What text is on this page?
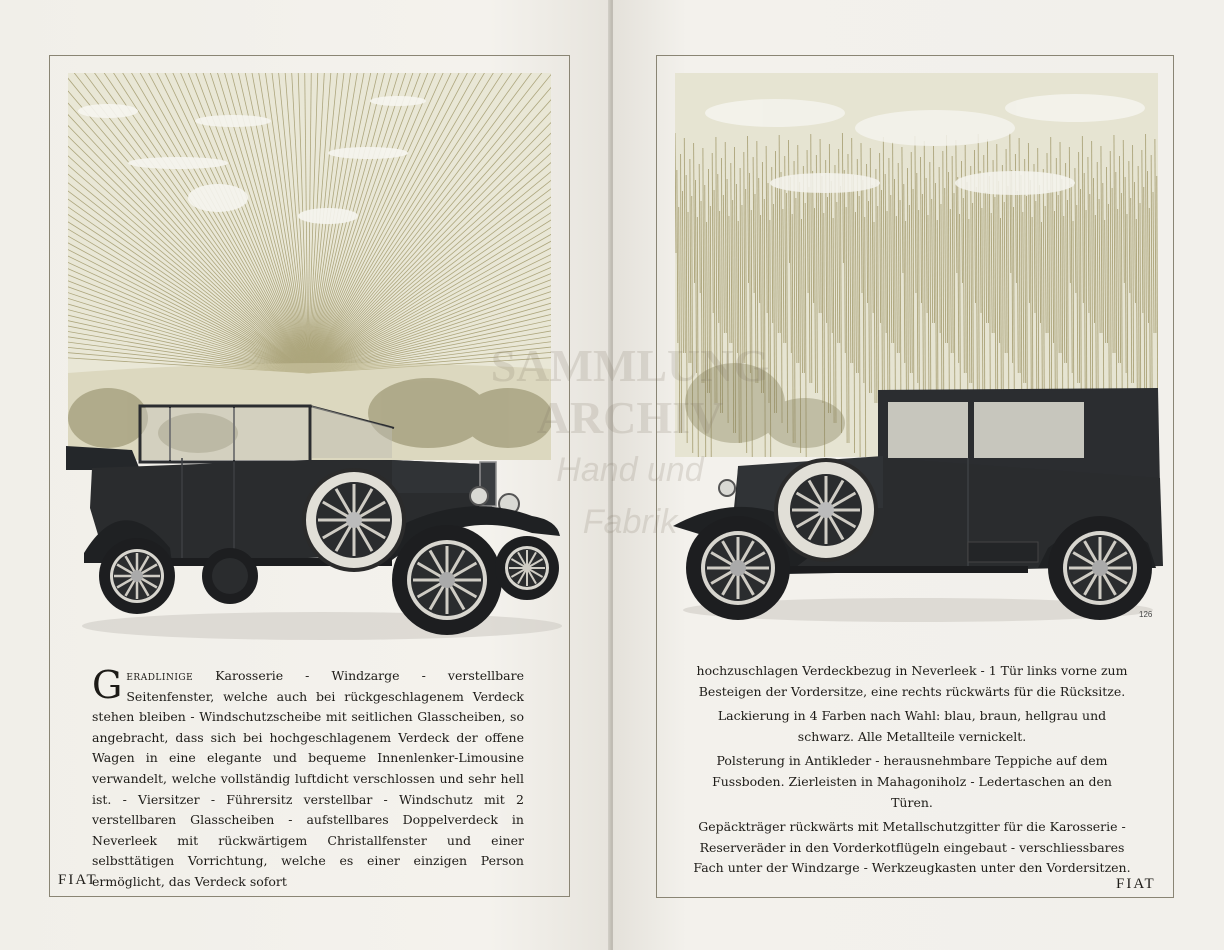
Geradlinige Karosserie - Windzarge - verstellbare Seitenfenster, welche auch bei rückgeschlagenem Verdeck stehen bleiben - Windschutzscheibe mit seitlichen Glasscheiben, so angebracht, dass sich bei hochgeschlagenem Verdeck der offene Wagen in eine elegante und bequeme Innenlenker-Limousine verwandelt, welche vollständig luftdicht verschlossen und sehr hell ist. - Viersitzer - Führersitz verstellbar - Windschutz mit 2 verstellbaren Glasscheiben - aufstellbares Doppelverdeck in Neverleek mit rückwärtigem Christallfenster und einer selbsttätigen Vorrichtung, welche es einer einzigen Person ermöglicht, das Verdeck sofort
FIAT

hochzuschlagen Verdeckbezug in Neverleek - 1 Tür links vorne zum Besteigen der Vordersitze, eine rechts rückwärts für die Rücksitze.

Lackierung in 4 Farben nach Wahl: blau, braun, hellgrau und schwarz. Alle Metallteile vernickelt.

Polsterung in Antikleder - herausnehmbare Teppiche auf dem Fussboden. Zierleisten in Mahagoniholz - Ledertaschen an den Türen.

Gepäckträger rückwärts mit Metallschutzgitter für die Karosserie - Reserveräder in den Vorderkotflügeln eingebaut - verschliessbares Fach unter der Windzarge - Werkzeugkasten unter den Vordersitzen.

FIAT
126
